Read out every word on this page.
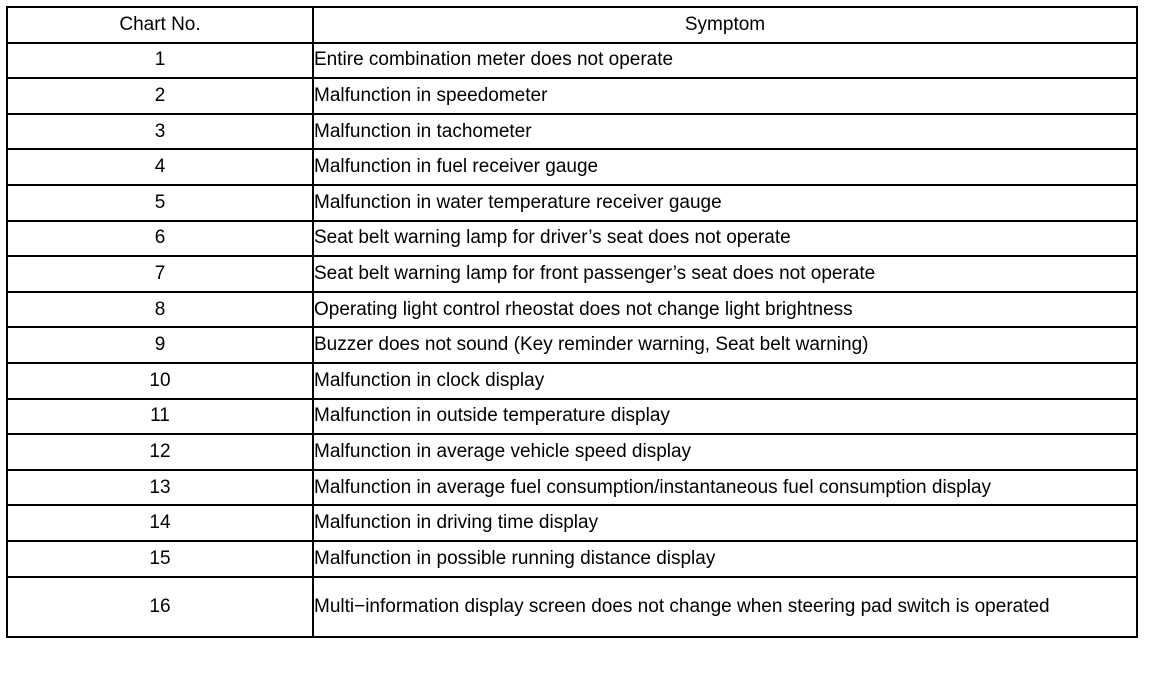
Chart No.	Symptom
1	Entire combination meter does not operate
2	Malfunction in speedometer
3	Malfunction in tachometer
4	Malfunction in fuel receiver gauge
5	Malfunction in water temperature receiver gauge
6	Seat belt warning lamp for driver’s seat does not operate
7	Seat belt warning lamp for front passenger’s seat does not operate
8	Operating light control rheostat does not change light brightness
9	Buzzer does not sound (Key reminder warning, Seat belt warning)
10	Malfunction in clock display
11	Malfunction in outside temperature display
12	Malfunction in average vehicle speed display
13	Malfunction in average fuel consumption/instantaneous fuel consumption display
14	Malfunction in driving time display
15	Malfunction in possible running distance display
16	Multi−information display screen does not change when steering pad switch is operated
